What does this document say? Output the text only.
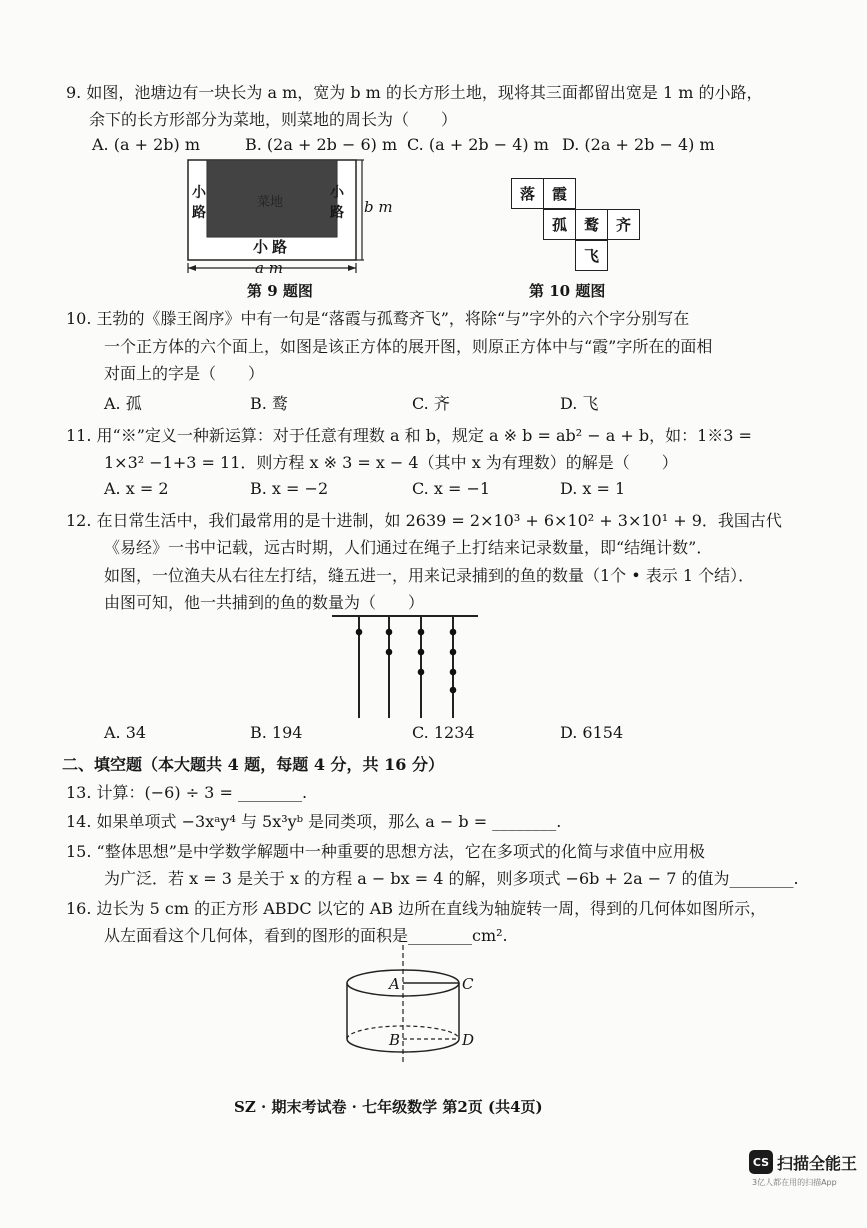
9. 如图，池塘边有一块长为 a m，宽为 b m 的长方形土地，现将其三面都留出宽是 1 m 的小路，
余下的长方形部分为菜地，则菜地的周长为（　　）
A. (a + 2b) m	B. (2a + 2b − 6) m C. (a + 2b − 4) m D. (2a + 2b − 4) m
小路
小路
小路
菜地
a m
b m
第 9 题图
落	霞
孤	鹜	齐
飞
第 10 题图
10. 王勃的《滕王阁序》中有一句是“落霞与孤鹜齐飞”，将除“与”字外的六个字分别写在
一个正方体的六个面上，如图是该正方体的展开图，则原正方体中与“霞”字所在的面相
对面上的字是（　　）
A. 孤	B. 鹜	C. 齐	D. 飞
11. 用“※”定义一种新运算：对于任意有理数 a 和 b，规定 a ※ b = ab² − a + b，如：1※3 =
1×3² −1+3 = 11．则方程 x ※ 3 = x − 4（其中 x 为有理数）的解是（　　）
A. x = 2	B. x = −2	C. x = −1	D. x = 1
12. 在日常生活中，我们最常用的是十进制，如 2639 = 2×10³ + 6×10² + 3×10¹ + 9．我国古代
《易经》一书中记载，远古时期，人们通过在绳子上打结来记录数量，即“结绳计数”．
如图，一位渔夫从右往左打结，缝五进一，用来记录捕到的鱼的数量（1个 • 表示 1 个结）．
由图可知，他一共捕到的鱼的数量为（　　）
A. 34	B. 194	C. 1234	D. 6154
二、填空题（本大题共 4 题，每题 4 分，共 16 分）
13. 计算：(−6) ÷ 3 = ________.
14. 如果单项式 −3xᵃy⁴ 与 5x³yᵇ 是同类项，那么 a − b = ________.
15. “整体思想”是中学数学解题中一种重要的思想方法，它在多项式的化简与求值中应用极
为广泛．若 x = 3 是关于 x 的方程 a − bx = 4 的解，则多项式 −6b + 2a − 7 的值为________.
16. 边长为 5 cm 的正方形 ABDC 以它的 AB 边所在直线为轴旋转一周，得到的几何体如图所示，
从左面看这个几何体，看到的图形的面积是________cm².
A
B
C
D
SZ · 期末考试卷 · 七年级数学 第2页 (共4页)
CS 扫描全能王
3亿人都在用的扫描App
